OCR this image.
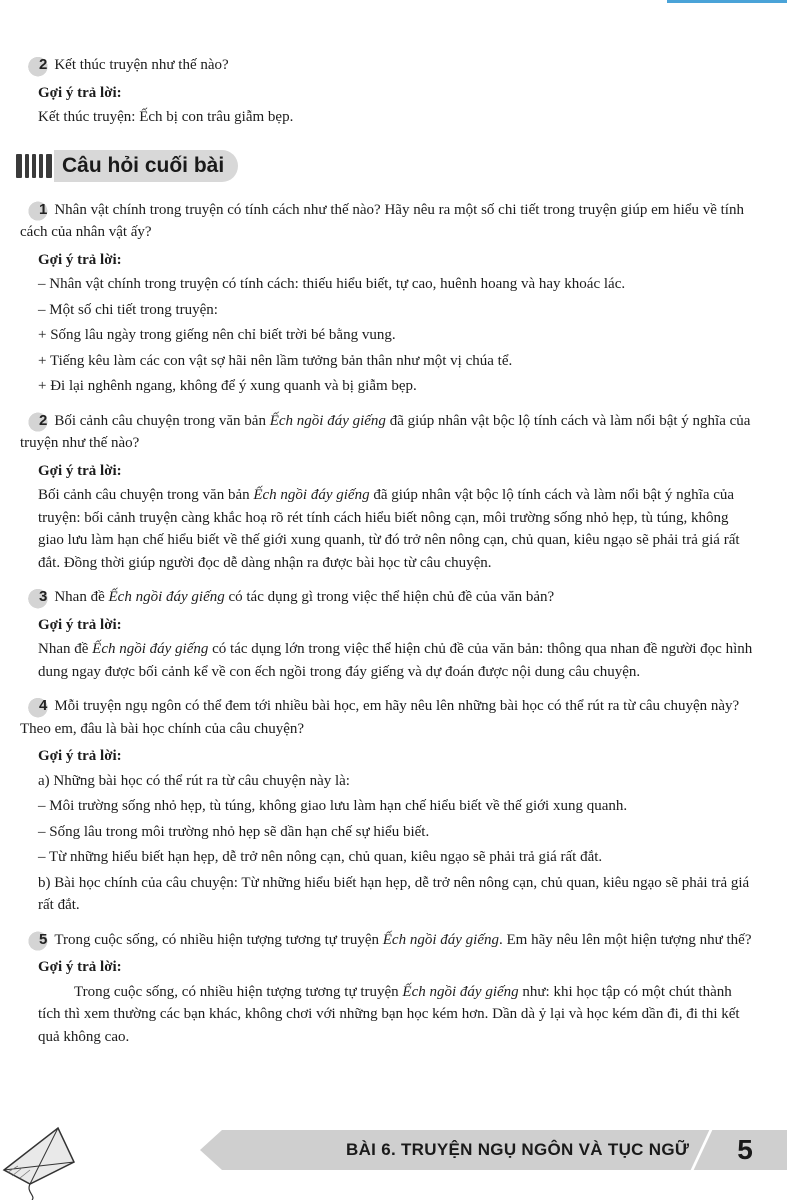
2 Kết thúc truyện như thế nào?

Gợi ý trả lời:

Kết thúc truyện: Ếch bị con trâu giẫm bẹp.

Câu hỏi cuối bài

1 Nhân vật chính trong truyện có tính cách như thế nào? Hãy nêu ra một số chi tiết trong truyện giúp em hiểu về tính cách của nhân vật ấy?

Gợi ý trả lời:

– Nhân vật chính trong truyện có tính cách: thiếu hiểu biết, tự cao, huênh hoang và hay khoác lác.

– Một số chi tiết trong truyện:

+ Sống lâu ngày trong giếng nên chỉ biết trời bé bằng vung.

+ Tiếng kêu làm các con vật sợ hãi nên lầm tưởng bản thân như một vị chúa tể.

+ Đi lại nghênh ngang, không để ý xung quanh và bị giẫm bẹp.

2 Bối cảnh câu chuyện trong văn bản Ếch ngồi đáy giếng đã giúp nhân vật bộc lộ tính cách và làm nổi bật ý nghĩa của truyện như thế nào?

Gợi ý trả lời:

Bối cảnh câu chuyện trong văn bản Ếch ngồi đáy giếng đã giúp nhân vật bộc lộ tính cách và làm nổi bật ý nghĩa của truyện: bối cảnh truyện càng khắc hoạ rõ rét tính cách hiểu biết nông cạn, môi trường sống nhỏ hẹp, tù túng, không giao lưu làm hạn chế hiểu biết về thế giới xung quanh, từ đó trở nên nông cạn, chủ quan, kiêu ngạo sẽ phải trả giá rất đắt. Đồng thời giúp người đọc dễ dàng nhận ra được bài học từ câu chuyện.

3 Nhan đề Ếch ngồi đáy giếng có tác dụng gì trong việc thể hiện chủ đề của văn bản?

Gợi ý trả lời:

Nhan đề Ếch ngồi đáy giếng có tác dụng lớn trong việc thể hiện chủ đề của văn bản: thông qua nhan đề người đọc hình dung ngay được bối cảnh kể về con ếch ngồi trong đáy giếng và dự đoán được nội dung câu chuyện.

4 Mỗi truyện ngụ ngôn có thể đem tới nhiều bài học, em hãy nêu lên những bài học có thể rút ra từ câu chuyện này? Theo em, đâu là bài học chính của câu chuyện?

Gợi ý trả lời:

a) Những bài học có thể rút ra từ câu chuyện này là:

– Môi trường sống nhỏ hẹp, tù túng, không giao lưu làm hạn chế hiểu biết về thế giới xung quanh.

– Sống lâu trong môi trường nhỏ hẹp sẽ dần hạn chế sự hiểu biết.

– Từ những hiểu biết hạn hẹp, dễ trở nên nông cạn, chủ quan, kiêu ngạo sẽ phải trả giá rất đắt.

b) Bài học chính của câu chuyện: Từ những hiểu biết hạn hẹp, dễ trở nên nông cạn, chủ quan, kiêu ngạo sẽ phải trả giá rất đắt.

5 Trong cuộc sống, có nhiều hiện tượng tương tự truyện Ếch ngồi đáy giếng. Em hãy nêu lên một hiện tượng như thế?

Gợi ý trả lời:

Trong cuộc sống, có nhiều hiện tượng tương tự truyện Ếch ngồi đáy giếng như: khi học tập có một chút thành tích thì xem thường các bạn khác, không chơi với những bạn học kém hơn. Dần dà ỷ lại và học kém dần đi, đi thi kết quả không cao.

BÀI 6. TRUYỆN NGỤ NGÔN VÀ TỤC NGỮ	5
